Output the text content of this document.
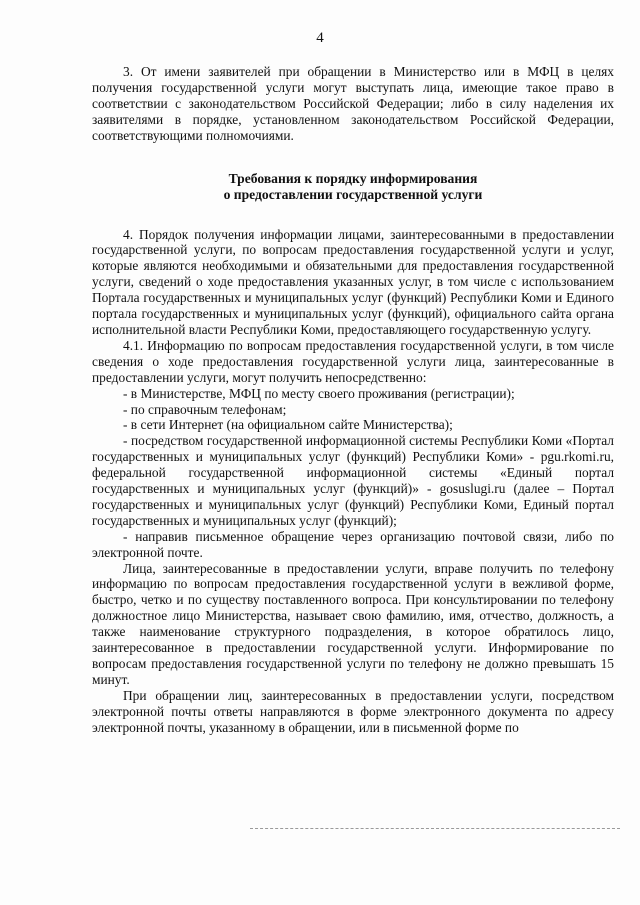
4

3. От имени заявителей при обращении в Министерство или в МФЦ в целях получения государственной услуги могут выступать лица, имеющие такое право в соответствии с законодательством Российской Федерации; либо в силу наделения их заявителями в порядке, установленном законодательством Российской Федерации, соответствующими полномочиями.

Требования к порядку информирования
о предоставлении государственной услуги

4. Порядок получения информации лицами, заинтересованными в предоставлении государственной услуги, по вопросам предоставления государственной услуги и услуг, которые являются необходимыми и обязательными для предоставления государственной услуги, сведений о ходе предоставления указанных услуг, в том числе с использованием Портала государственных и муниципальных услуг (функций) Республики Коми и Единого портала государственных и муниципальных услуг (функций), официального сайта органа исполнительной власти Республики Коми, предоставляющего государственную услугу.

4.1. Информацию по вопросам предоставления государственной услуги, в том числе сведения о ходе предоставления государственной услуги лица, заинтересованные в предоставлении услуги, могут получить непосредственно:

- в Министерстве, МФЦ по месту своего проживания (регистрации);

- по справочным телефонам;

- в сети Интернет (на официальном сайте Министерства);

- посредством государственной информационной системы Республики Коми «Портал государственных и муниципальных услуг (функций) Республики Коми» - pgu.rkomi.ru, федеральной государственной информационной системы «Единый портал государственных и муниципальных услуг (функций)» - gosuslugi.ru (далее – Портал государственных и муниципальных услуг (функций) Республики Коми, Единый портал государственных и муниципальных услуг (функций);

- направив письменное обращение через организацию почтовой связи, либо по электронной почте.

Лица, заинтересованные в предоставлении услуги, вправе получить по телефону информацию по вопросам предоставления государственной услуги в вежливой форме, быстро, четко и по существу поставленного вопроса. При консультировании по телефону должностное лицо Министерства, называет свою фамилию, имя, отчество, должность, а также наименование структурного подразделения, в которое обратилось лицо, заинтересованное в предоставлении государственной услуги. Информирование по вопросам предоставления государственной услуги по телефону не должно превышать 15 минут.

При обращении лиц, заинтересованных в предоставлении услуги, посредством электронной почты ответы направляются в форме электронного документа по адресу электронной почты, указанному в обращении, или в письменной форме по
